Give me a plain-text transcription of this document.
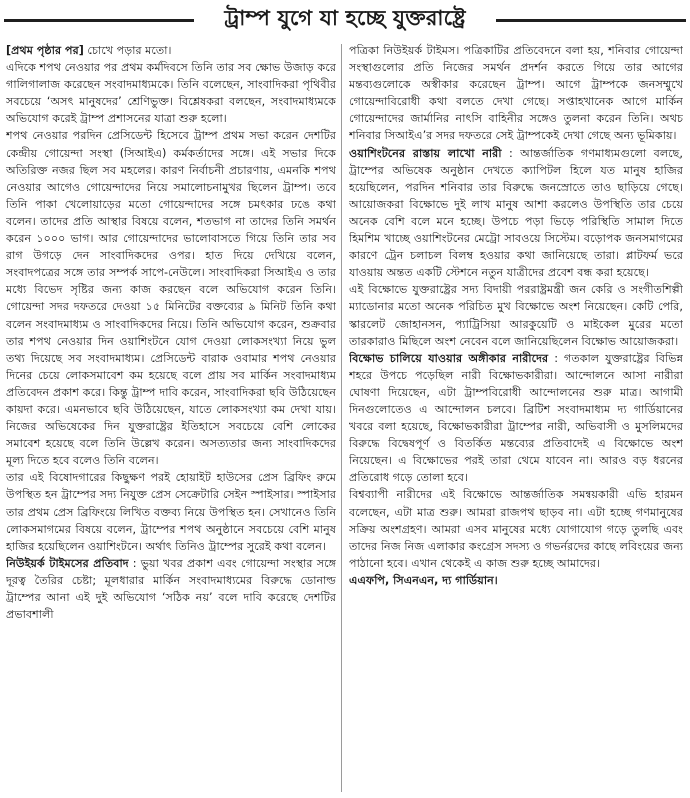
ট্রাম্প যুগে যা হচ্ছে যুক্তরাষ্ট্রে

[প্রথম পৃষ্ঠার পর] চোখে পড়ার মতো।

এদিকে শপথ নেওয়ার পর প্রথম কর্মদিবসে তিনি তার সব ক্ষোভ উজাড় করে গালিগালাজ করেছেন সংবাদমাধ্যমকে। তিনি বলেছেন, সাংবাদিকরা পৃথিবীর সবচেয়ে ‘অসৎ মানুষদের’ শ্রেণিভুক্ত। বিশ্লেষকরা বলছেন, সংবাদমাধ্যমকে অভিযোগ করেই ট্রাম্প প্রশাসনের যাত্রা শুরু হলো।

শপথ নেওয়ার পরদিন প্রেসিডেন্ট হিসেবে ট্রাম্প প্রথম সভা করেন দেশটির কেন্দ্রীয় গোয়েন্দা সংস্থা (সিআইএ) কর্মকর্তাদের সঙ্গে। এই সভার দিকে অতিরিক্ত নজর ছিল সব মহলের। কারণ নির্বাচনী প্রচারণায়, এমনকি শপথ নেওয়ার আগেও গোয়েন্দাদের নিয়ে সমালোচনামুখর ছিলেন ট্রাম্প। তবে তিনি পাকা খেলোয়াড়ের মতো গোয়েন্দাদের সঙ্গে চমৎকার ঢঙে কথা বলেন। তাদের প্রতি আস্থার বিষয়ে বলেন, শতভাগ না তাদের তিনি সমর্থন করেন ১০০০ ভাগ। আর গোয়েন্দাদের ভালোবাসতে গিয়ে তিনি তার সব রাগ উগড়ে দেন সাংবাদিকদের ওপর। হাত দিয়ে দেখিয়ে বলেন, সংবাদপত্রের সঙ্গে তার সম্পর্ক সাপে-নেউলে। সাংবাদিকরা সিআইএ ও তার মধ্যে বিভেদ সৃষ্টির জন্য কাজ করছেন বলে অভিযোগ করেন তিনি। গোয়েন্দা সদর দফতরে দেওয়া ১৫ মিনিটের বক্তব্যের ৯ মিনিট তিনি কথা বলেন সংবাদমাধ্যম ও সাংবাদিকদের নিয়ে। তিনি অভিযোগ করেন, শুক্রবার তার শপথ নেওয়ার দিন ওয়াশিংটনে যোগ দেওয়া লোকসংখ্যা নিয়ে ভুল তথ্য দিয়েছে সব সংবাদমাধ্যম। প্রেসিডেন্ট বারাক ওবামার শপথ নেওয়ার দিনের চেয়ে লোকসমাবেশ কম হয়েছে বলে প্রায় সব মার্কিন সংবাদমাধ্যম প্রতিবেদন প্রকাশ করে। কিন্তু ট্রাম্প দাবি করেন, সাংবাদিকরা ছবি উঠিয়েছেন কায়দা করে। এমনভাবে ছবি উঠিয়েছেন, যাতে লোকসংখ্যা কম দেখা যায়। নিজের অভিষেকের দিন যুক্তরাষ্ট্রের ইতিহাসে সবচেয়ে বেশি লোকের সমাবেশ হয়েছে বলে তিনি উল্লেখ করেন। অসত্যতার জন্য সাংবাদিকদের মূল্য দিতে হবে বলেও তিনি বলেন।

তার এই বিষোদগারের কিছুক্ষণ পরই হোয়াইট হাউসের প্রেস ব্রিফিং রুমে উপস্থিত হন ট্রাম্পের সদ্য নিযুক্ত প্রেস সেক্রেটারি সেইন স্পাইসার। স্পাইসার তার প্রথম প্রেস ব্রিফিংয়ে লিখিত বক্তব্য নিয়ে উপস্থিত হন। সেখানেও তিনি লোকসমাগমের বিষয়ে বলেন, ট্রাম্পের শপথ অনুষ্ঠানে সবচেয়ে বেশি মানুষ হাজির হয়েছিলেন ওয়াশিংটনে। অর্থাৎ তিনিও ট্রাম্পের সুরেই কথা বলেন।

নিউইয়র্ক টাইমসের প্রতিবাদ : ভুয়া খবর প্রকাশ এবং গোয়েন্দা সংস্থার সঙ্গে দূরত্ব তৈরির চেষ্টা; মূলধারার মার্কিন সংবাদমাধ্যমের বিরুদ্ধে ডোনাল্ড ট্রাম্পের আনা এই দুই অভিযোগ ‘সঠিক নয়’ বলে দাবি করেছে দেশটির প্রভাবশালী

পত্রিকা নিউইয়র্ক টাইমস। পত্রিকাটির প্রতিবেদনে বলা হয়, শনিবার গোয়েন্দা সংস্থাগুলোর প্রতি নিজের সমর্থন প্রদর্শন করতে গিয়ে তার আগের মন্তব্যগুলোকে অস্বীকার করেছেন ট্রাম্প। আগে ট্রাম্পকে জনসম্মুখে গোয়েন্দাবিরোধী কথা বলতে দেখা গেছে। সপ্তাহখানেক আগে মার্কিন গোয়েন্দাদের জার্মানির নাৎসি বাহিনীর সঙ্গেও তুলনা করেন তিনি। অথচ শনিবার সিআইএ’র সদর দফতরে সেই ট্রাম্পকেই দেখা গেছে অন্য ভূমিকায়।

ওয়াশিংটনের রাস্তায় লাখো নারী : আন্তর্জাতিক গণমাধ্যমগুলো বলছে, ট্রাম্পের অভিষেক অনুষ্ঠান দেখতে ক্যাপিটল হিলে যত মানুষ হাজির হয়েছিলেন, পরদিন শনিবার তার বিরুদ্ধে জনস্রোতে তাও ছাড়িয়ে গেছে। আয়োজকরা বিক্ষোভে দুই লাখ মানুষ আশা করলেও উপস্থিতি তার চেয়ে অনেক বেশি বলে মনে হচ্ছে। উপচে পড়া ভিড়ে পরিস্থিতি সামাল দিতে হিমশিম খাচ্ছে ওয়াশিংটনের মেট্রো সাবওয়ে সিস্টেম। বড়োপক জনসমাগমের কারণে ট্রেন চলাচল বিলম্ব হওয়ার কথা জানিয়েছে তারা। প্লাটফর্ম ভরে যাওয়ায় অন্তত একটি স্টেশনে নতুন যাত্রীদের প্রবেশ বন্ধ করা হয়েছে।

এই বিক্ষোভে যুক্তরাষ্ট্রের সদ্য বিদায়ী পররাষ্ট্রমন্ত্রী জন কেরি ও সংগীতশিল্পী ম্যাডোনার মতো অনেক পরিচিত মুখ বিক্ষোভে অংশ নিয়েছেন। কেটি পেরি, স্কারলেট জোহানসন, প্যাট্রিসিয়া আরকুয়েটি ও মাইকেল মুরের মতো তারকারাও মিছিলে অংশ নেবেন বলে জানিয়েছিলেন বিক্ষোভ আয়োজকরা।

বিক্ষোভ চালিয়ে যাওয়ার অঙ্গীকার নারীদের : গতকাল যুক্তরাষ্ট্রের বিভিন্ন শহরে উপচে পড়েছিল নারী বিক্ষোভকারীরা। আন্দোলনে আসা নারীরা ঘোষণা দিয়েছেন, এটা ট্রাম্পবিরোধী আন্দোলনের শুরু মাত্র। আগামী দিনগুলোতেও এ আন্দোলন চলবে। ব্রিটিশ সংবাদমাধ্যম দ্য গার্ডিয়ানের খবরে বলা হয়েছে, বিক্ষোভকারীরা ট্রাম্পের নারী, অভিবাসী ও মুসলিমদের বিরুদ্ধে বিদ্বেষপূর্ণ ও বিতর্কিত মন্তব্যের প্রতিবাদেই এ বিক্ষোভে অংশ নিয়েছেন। এ বিক্ষোভের পরই তারা থেমে যাবেন না। আরও বড় ধরনের প্রতিরোধ গড়ে তোলা হবে।

বিশ্বব্যাপী নারীদের এই বিক্ষোভে আন্তর্জাতিক সমন্বয়কারী এভি হারমন বলেছেন, এটা মাত্র শুরু। আমরা রাজপথ ছাড়ব না। এটা হচ্ছে গণমানুষের সক্রিয় অংশগ্রহণ। আমরা এসব মানুষের মধ্যে যোগাযোগ গড়ে তুলছি এবং তাদের নিজ নিজ এলাকার কংগ্রেস সদস্য ও গভর্নরদের কাছে লবিংয়ের জন্য পাঠানো হবে। এখান থেকেই এ কাজ শুরু হচ্ছে আমাদের।

এএফপি, সিএনএন, দ্য গার্ডিয়ান।
